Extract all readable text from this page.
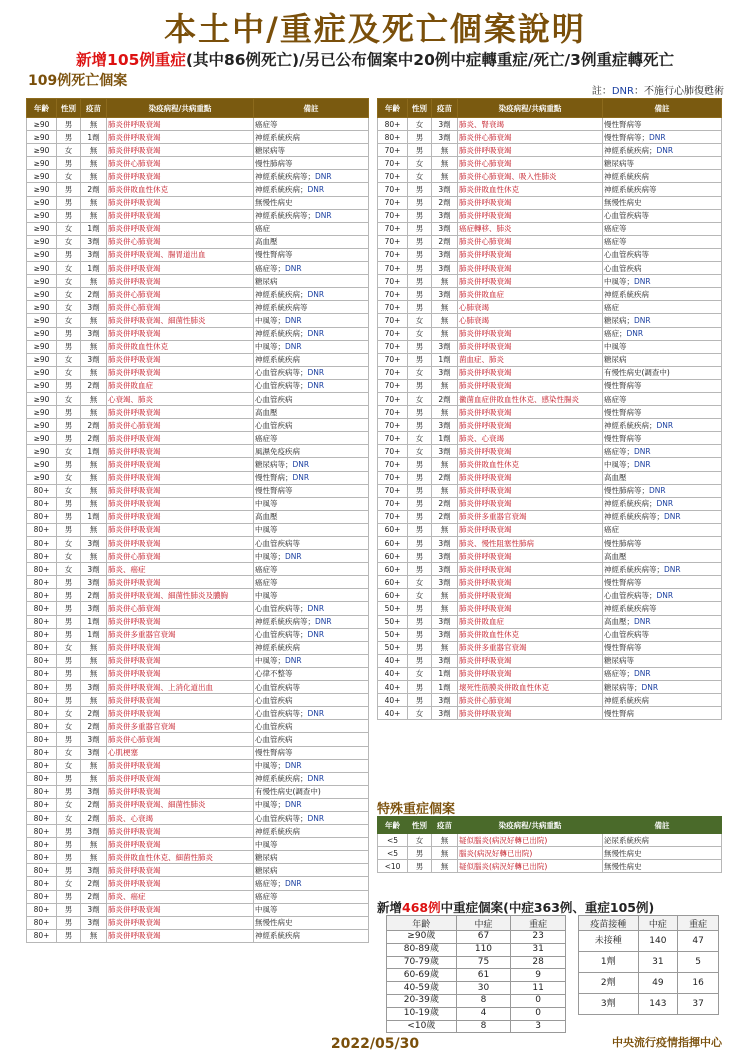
本土中/重症及死亡個案說明
新增105例重症(其中86例死亡)/另已公布個案中20例中症轉重症/死亡/3例重症轉死亡
109例死亡個案
註：DNR：不施行心肺復甦術
年齡	性別	疫苗	染疫病程/共病重點	備註
≥90	男	無	肺炎併呼吸衰竭	癌症等
≥90	男	1劑	肺炎併呼吸衰竭	神經系統疾病
≥90	女	無	肺炎併呼吸衰竭	糖尿病等
≥90	男	無	肺炎併心肺衰竭	慢性肺病等
≥90	女	無	肺炎併呼吸衰竭	神經系統疾病等；DNR
≥90	男	2劑	肺炎併敗血性休克	神經系統疾病；DNR
≥90	男	無	肺炎併呼吸衰竭	無慢性病史
≥90	男	無	肺炎併呼吸衰竭	神經系統疾病等；DNR
≥90	女	1劑	肺炎併呼吸衰竭	癌症
≥90	女	3劑	肺炎併心肺衰竭	高血壓
≥90	男	3劑	肺炎併呼吸衰竭、腸胃道出血	慢性腎病等
≥90	女	1劑	肺炎併呼吸衰竭	癌症等；DNR
≥90	女	無	肺炎併呼吸衰竭	糖尿病
≥90	女	2劑	肺炎併心肺衰竭	神經系統疾病；DNR
≥90	女	3劑	肺炎併心肺衰竭	神經系統疾病等
≥90	女	無	肺炎併呼吸衰竭、細菌性肺炎	中風等；DNR
≥90	男	3劑	肺炎併呼吸衰竭	神經系統疾病；DNR
≥90	男	無	肺炎併敗血性休克	中風等；DNR
≥90	女	3劑	肺炎併呼吸衰竭	神經系統疾病
≥90	女	無	肺炎併呼吸衰竭	心血管疾病等；DNR
≥90	男	2劑	肺炎併敗血症	心血管疾病等；DNR
≥90	女	無	心衰竭、肺炎	心血管疾病
≥90	男	無	肺炎併呼吸衰竭	高血壓
≥90	男	2劑	肺炎併心肺衰竭	心血管疾病
≥90	男	2劑	肺炎併呼吸衰竭	癌症等
≥90	女	1劑	肺炎併呼吸衰竭	風濕免疫疾病
≥90	男	無	肺炎併呼吸衰竭	糖尿病等；DNR
≥90	女	無	肺炎併呼吸衰竭	慢性腎病；DNR
80+	女	無	肺炎併呼吸衰竭	慢性腎病等
80+	男	無	肺炎併呼吸衰竭	中風等
80+	男	1劑	肺炎併呼吸衰竭	高血壓
80+	男	無	肺炎併呼吸衰竭	中風等
80+	女	3劑	肺炎併呼吸衰竭	心血管疾病等
80+	女	無	肺炎併心肺衰竭	中風等；DNR
80+	女	3劑	肺炎、癌症	癌症等
80+	男	3劑	肺炎併呼吸衰竭	癌症等
80+	男	2劑	肺炎併呼吸衰竭、細菌性肺炎及膿胸	中風等
80+	男	3劑	肺炎併心肺衰竭	心血管疾病等；DNR
80+	男	1劑	肺炎併呼吸衰竭	神經系統疾病等；DNR
80+	男	1劑	肺炎併多重器官衰竭	心血管疾病等；DNR
80+	女	無	肺炎併呼吸衰竭	神經系統疾病
80+	男	無	肺炎併呼吸衰竭	中風等；DNR
80+	男	無	肺炎併呼吸衰竭	心律不整等
80+	男	3劑	肺炎併呼吸衰竭、上消化道出血	心血管疾病等
80+	男	無	肺炎併呼吸衰竭	心血管疾病
80+	女	2劑	肺炎併呼吸衰竭	心血管疾病等；DNR
80+	女	2劑	肺炎併多重器官衰竭	心血管疾病
80+	男	3劑	肺炎併心肺衰竭	心血管疾病
80+	女	3劑	心肌梗塞	慢性腎病等
80+	女	無	肺炎併呼吸衰竭	中風等；DNR
80+	男	無	肺炎併呼吸衰竭	神經系統疾病；DNR
80+	男	3劑	肺炎併呼吸衰竭	有慢性病史(調查中)
80+	女	2劑	肺炎併呼吸衰竭、細菌性肺炎	中風等；DNR
80+	女	2劑	肺炎、心衰竭	心血管疾病等；DNR
80+	男	3劑	肺炎併呼吸衰竭	神經系統疾病
80+	男	無	肺炎併呼吸衰竭	中風等
80+	男	無	肺炎併敗血性休克、細菌性肺炎	糖尿病
80+	男	3劑	肺炎併呼吸衰竭	糖尿病
80+	女	2劑	肺炎併呼吸衰竭	癌症等；DNR
80+	男	2劑	肺炎、癌症	癌症等
80+	男	3劑	肺炎併呼吸衰竭	中風等
80+	男	3劑	肺炎併呼吸衰竭	無慢性病史
80+	男	無	肺炎併呼吸衰竭	神經系統疾病
年齡	性別	疫苗	染疫病程/共病重點	備註
80+	女	3劑	肺炎、腎衰竭	慢性腎病等
80+	男	3劑	肺炎併心肺衰竭	慢性腎病等；DNR
70+	男	無	肺炎併呼吸衰竭	神經系統疾病；DNR
70+	女	無	肺炎併心肺衰竭	糖尿病等
70+	女	無	肺炎併心肺衰竭、吸入性肺炎	神經系統疾病
70+	男	3劑	肺炎併敗血性休克	神經系統疾病等
70+	男	2劑	肺炎併呼吸衰竭	無慢性病史
70+	男	3劑	肺炎併呼吸衰竭	心血管疾病等
70+	男	3劑	癌症轉移、肺炎	癌症等
70+	男	2劑	肺炎併心肺衰竭	癌症等
70+	男	3劑	肺炎併呼吸衰竭	心血管疾病等
70+	男	3劑	肺炎併呼吸衰竭	心血管疾病
70+	男	無	肺炎併呼吸衰竭	中風等；DNR
70+	男	3劑	肺炎併敗血症	神經系統疾病
70+	男	無	心肺衰竭	癌症
70+	女	無	心肺衰竭	糖尿病；DNR
70+	女	無	肺炎併呼吸衰竭	癌症；DNR
70+	男	3劑	肺炎併呼吸衰竭	中風等
70+	男	1劑	菌血症、肺炎	糖尿病
70+	女	3劑	肺炎併呼吸衰竭	有慢性病史(調查中)
70+	男	無	肺炎併呼吸衰竭	慢性腎病等
70+	女	2劑	黴菌血症併敗血性休克、感染性腸炎	癌症等
70+	男	無	肺炎併呼吸衰竭	慢性腎病等
70+	男	3劑	肺炎併呼吸衰竭	神經系統疾病；DNR
70+	女	1劑	肺炎、心衰竭	慢性腎病等
70+	女	3劑	肺炎併呼吸衰竭	癌症等；DNR
70+	男	無	肺炎併敗血性休克	中風等；DNR
70+	男	2劑	肺炎併呼吸衰竭	高血壓
70+	男	無	肺炎併呼吸衰竭	慢性肺病等；DNR
70+	男	2劑	肺炎併呼吸衰竭	神經系統疾病；DNR
70+	男	2劑	肺炎併多重器官衰竭	神經系統疾病等；DNR
60+	男	無	肺炎併呼吸衰竭	癌症
60+	男	3劑	肺炎、慢性阻塞性肺病	慢性肺病等
60+	男	3劑	肺炎併呼吸衰竭	高血壓
60+	男	3劑	肺炎併呼吸衰竭	神經系統疾病等；DNR
60+	女	3劑	肺炎併呼吸衰竭	慢性腎病等
60+	女	無	肺炎併呼吸衰竭	心血管疾病等；DNR
50+	男	無	肺炎併呼吸衰竭	神經系統疾病等
50+	男	3劑	肺炎併敗血症	高血壓；DNR
50+	男	3劑	肺炎併敗血性休克	心血管疾病等
50+	男	無	肺炎併多重器官衰竭	慢性腎病等
40+	男	3劑	肺炎併呼吸衰竭	糖尿病等
40+	女	1劑	肺炎併呼吸衰竭	癌症等；DNR
40+	男	1劑	壞死性筋膜炎併敗血性休克	糖尿病等；DNR
40+	男	3劑	肺炎併心肺衰竭	神經系統疾病
40+	女	3劑	肺炎併呼吸衰竭	慢性腎病
特殊重症個案
年齡	性別	疫苗	染疫病程/共病重點	備註
<5	女	無	疑似腦炎(病況好轉已出院)	泌尿系統疾病
<5	男	無	腦炎(病況好轉已出院)	無慢性病史
<10	男	無	疑似腦炎(病況好轉已出院)	無慢性病史
新增468例中重症個案(中症363例、重症105例)
年齡	中症	重症
≥90歲	67	23
80-89歲	110	31
70-79歲	75	28
60-69歲	61	9
40-59歲	30	11
20-39歲	8	0
10-19歲	4	0
<10歲	8	3
疫苗接種	中症	重症
未接種	140	47
1劑	31	5
2劑	49	16
3劑	143	37
2022/05/30	中央流行疫情指揮中心
